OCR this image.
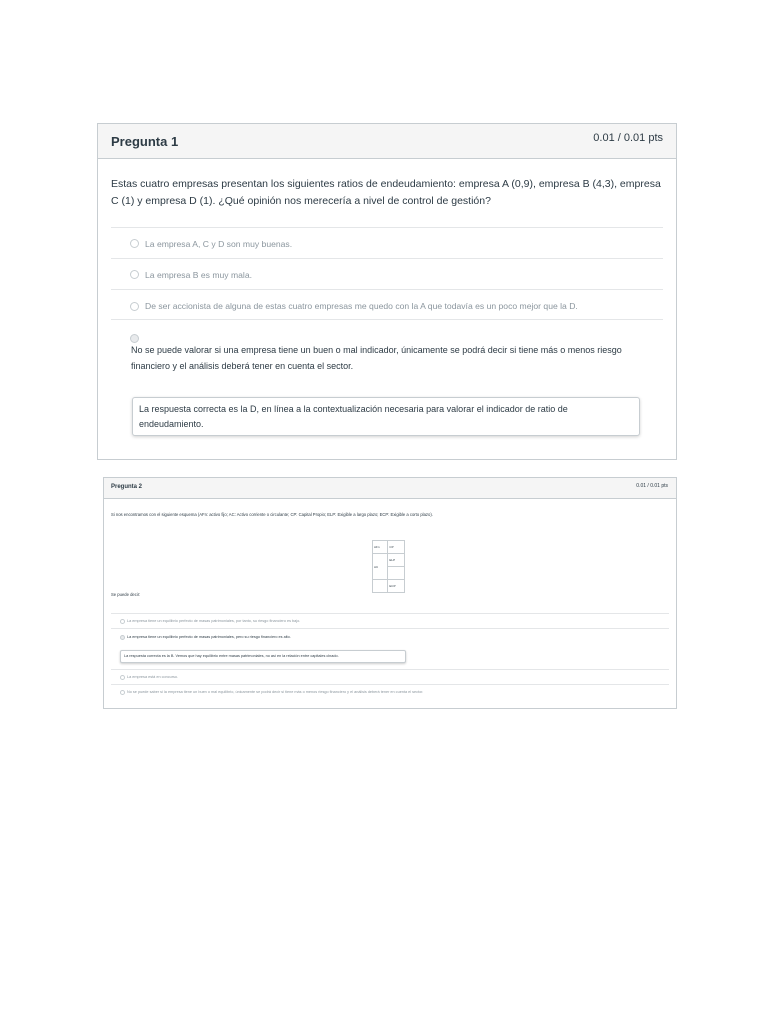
Pregunta 1	0.01 / 0.01 pts
Estas cuatro empresas presentan los siguientes ratios de endeudamiento: empresa A (0,9), empresa B (4,3), empresa C (1) y empresa D (1). ¿Qué opinión nos merecería a nivel de control de gestión?
La empresa A, C y D son muy buenas.
La empresa B es muy mala.
De ser accionista de alguna de estas cuatro empresas me quedo con la A que todavía es un poco mejor que la D.
No se puede valorar si una empresa tiene un buen o mal indicador, únicamente se podrá decir si tiene más o menos riesgo financiero y el análisis deberá tener en cuenta el sector.
La respuesta correcta es la D, en línea a la contextualización necesaria para valorar el indicador de ratio de endeudamiento.
Pregunta 2	0.01 / 0.01 pts
Si nos encontramos con el siguiente esquema (AFn: activo fijo; AC: Activo corriente o circulante; CP: Capital Propio; ELP: Exigible a largo plazo; ECP: Exigible a corto plazo).
AFn	CP
AC	ELP

	ECP
Se puede decir:
La empresa tiene un equilibrio perfecto de masas patrimoniales, por tanto, su riesgo financiero es bajo.
La empresa tiene un equilibrio perfecto de masas patrimoniales, pero su riesgo financiero es alto.
La respuesta correcta es la B. Vemos que hay equilibrio entre masas patrimoniales, no así en la relación entre capitales clnado.
La empresa está en concurso.
No se puede saber si la empresa tiene un buen o mal equilibrio, únicamente se podrá decir si tiene más o menos riesgo financiero y el análisis deberá tener en cuenta el sector.
